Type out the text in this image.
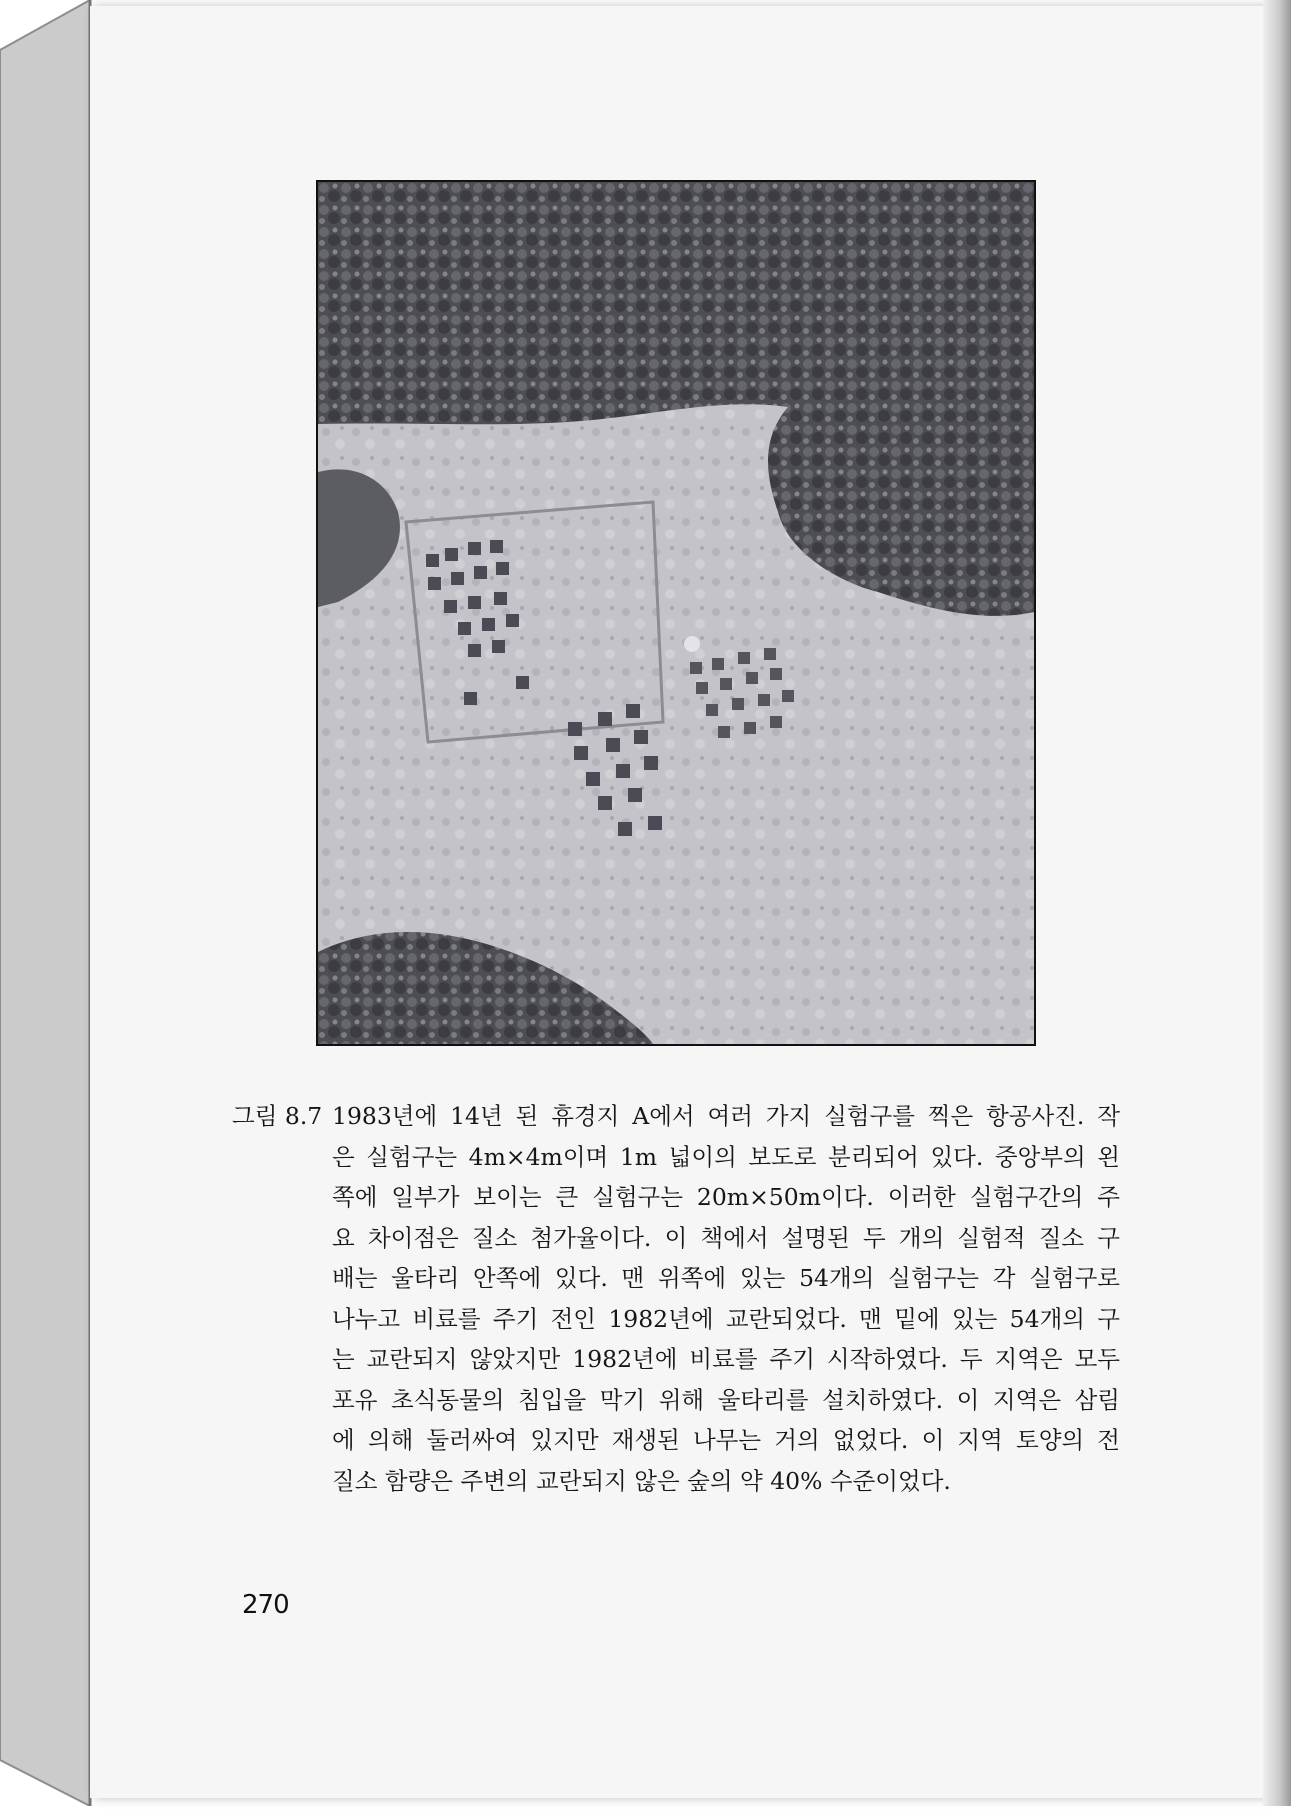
그림 8.7 1983년에 14년 된 휴경지 A에서 여러 가지 실험구를 찍은 항공사진. 작
은 실험구는 4m×4m이며 1m 넓이의 보도로 분리되어 있다. 중앙부의 왼
쪽에 일부가 보이는 큰 실험구는 20m×50m이다. 이러한 실험구간의 주
요 차이점은 질소 첨가율이다. 이 책에서 설명된 두 개의 실험적 질소 구
배는 울타리 안쪽에 있다. 맨 위쪽에 있는 54개의 실험구는 각 실험구로
나누고 비료를 주기 전인 1982년에 교란되었다. 맨 밑에 있는 54개의 구
는 교란되지 않았지만 1982년에 비료를 주기 시작하였다. 두 지역은 모두
포유 초식동물의 침입을 막기 위해 울타리를 설치하였다. 이 지역은 삼림
에 의해 둘러싸여 있지만 재생된 나무는 거의 없었다. 이 지역 토양의 전
질소 함량은 주변의 교란되지 않은 숲의 약 40% 수준이었다.
270
